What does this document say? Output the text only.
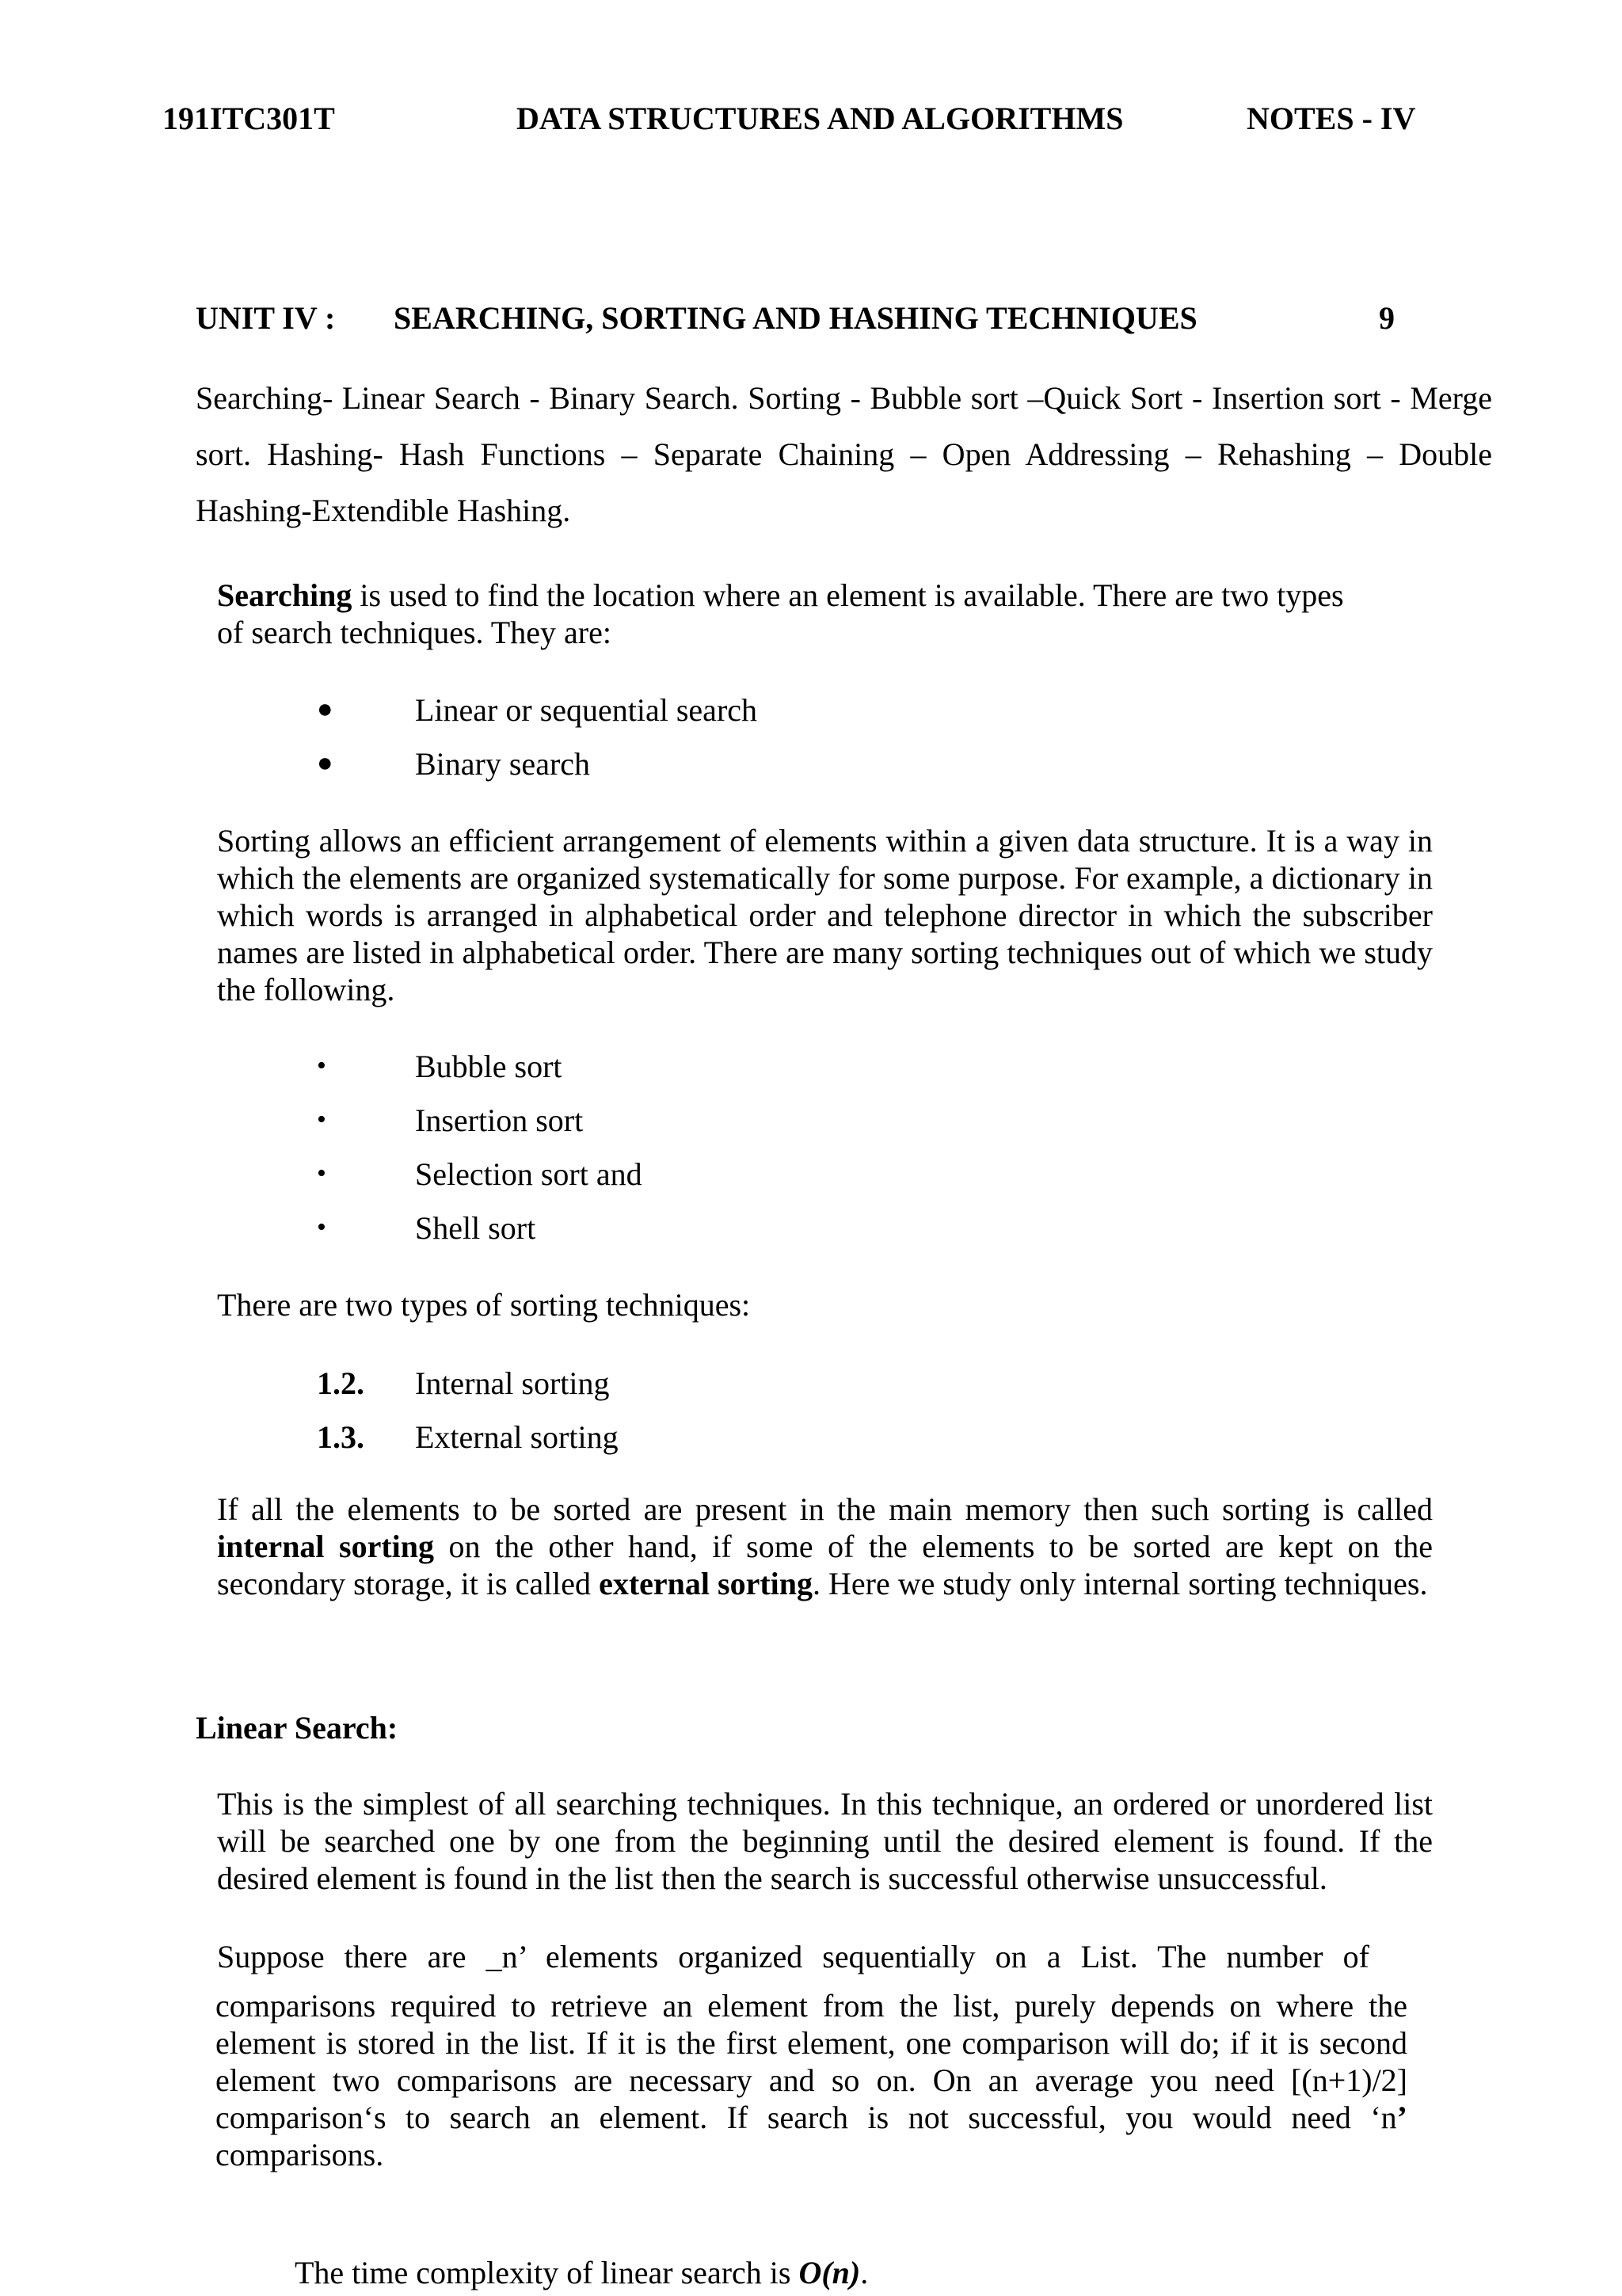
191ITC301T	DATA STRUCTURES AND ALGORITHMS	NOTES - IV
UNIT IV : SEARCHING, SORTING AND HASHING TECHNIQUES	9
Searching- Linear Search - Binary Search. Sorting - Bubble sort –Quick Sort - Insertion sort - Merge
sort. Hashing- Hash Functions – Separate Chaining – Open Addressing – Rehashing – Double
Hashing-Extendible Hashing.
Searching is used to find the location where an element is available. There are two types
of search techniques. They are:
●	Linear or sequential search
●	Binary search
Sorting allows an efficient arrangement of elements within a given data structure. It is a way in which the elements are organized systematically for some purpose. For example, a dictionary in which words is arranged in alphabetical order and telephone director in which the subscriber names are listed in alphabetical order. There are many sorting techniques out of which we study the following.
•	Bubble sort
•	Insertion sort
•	Selection sort and
•	Shell sort
There are two types of sorting techniques:
1.2. Internal sorting
1.3. External sorting
If all the elements to be sorted are present in the main memory then such sorting is called internal sorting on the other hand, if some of the elements to be sorted are kept on the secondary storage, it is called external sorting. Here we study only internal sorting techniques.
Linear Search:
This is the simplest of all searching techniques. In this technique, an ordered or unordered list will be searched one by one from the beginning until the desired element is found. If the desired element is found in the list then the search is successful otherwise unsuccessful.
Suppose there are _n’ elements organized sequentially on a List. The number of
comparisons required to retrieve an element from the list, purely depends on where the element is stored in the list. If it is the first element, one comparison will do; if it is second element two comparisons are necessary and so on. On an average you need [(n+1)/2] comparison‘s to search an element. If search is not successful, you would need ‘n’ comparisons.
The time complexity of linear search is O(n).
